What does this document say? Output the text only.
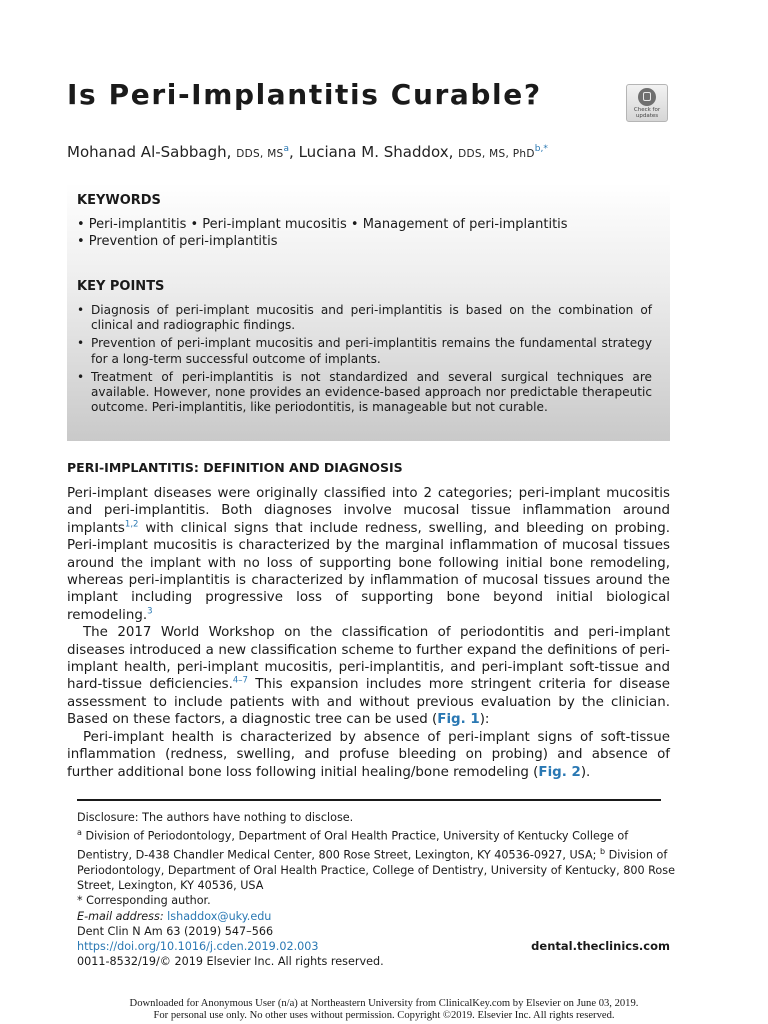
Is Peri-Implantitis Curable?	Check for updates
Mohanad Al-Sabbagh, DDS, $MS^a$, Luciana M. Shaddox, DDS, MS, PhD$^{b,*}$
KEYWORDS
• Peri-implantitis • Peri-implant mucositis • Management of peri-implantitis
• Prevention of peri-implantitis
KEY POINTS
• Diagnosis of peri-implant mucositis and peri-implantitis is based on the combination of clinical and radiographic findings.
• Prevention of peri-implant mucositis and peri-implantitis remains the fundamental strategy for a long-term successful outcome of implants.
• Treatment of peri-implantitis is not standardized and several surgical techniques are available. However, none provides an evidence-based approach nor predictable therapeutic outcome. Peri-implantitis, like periodontitis, is manageable but not curable.
PERI-IMPLANTITIS: DEFINITION AND DIAGNOSIS

Peri-implant diseases were originally classified into 2 categories; peri-implant mucositis and peri-implantitis. Both diagnoses involve mucosal tissue inflammation around implants$^{1,2}$ with clinical signs that include redness, swelling, and bleeding on probing. Peri-implant mucositis is characterized by the marginal inflammation of mucosal tissues around the implant with no loss of supporting bone following initial bone remodeling, whereas peri-implantitis is characterized by inflammation of mucosal tissues around the implant including progressive loss of supporting bone beyond initial biological remodeling.$^3$

The 2017 World Workshop on the classification of periodontitis and peri-implant diseases introduced a new classification scheme to further expand the definitions of peri-implant health, peri-implant mucositis, peri-implantitis, and peri-implant soft-tissue and hard-tissue deficiencies.$^{4-7}$ This expansion includes more stringent criteria for disease assessment to include patients with and without previous evaluation by the clinician. Based on these factors, a diagnostic tree can be used (Fig. 1):

Peri-implant health is characterized by absence of peri-implant signs of soft-tissue inflammation (redness, swelling, and profuse bleeding on probing) and absence of further additional bone loss following initial healing/bone remodeling (Fig. 2).

Disclosure: The authors have nothing to disclose.
$^a$ Division of Periodontology, Department of Oral Health Practice, University of Kentucky College of Dentistry, D-438 Chandler Medical Center, 800 Rose Street, Lexington, KY 40536-0927, USA; $^b$ Division of Periodontology, Department of Oral Health Practice, College of Dentistry, University of Kentucky, 800 Rose Street, Lexington, KY 40536, USA
* Corresponding author.
E-mail address: lshaddox@uky.edu
Dent Clin N Am 63 (2019) 547–566
https://doi.org/10.1016/j.cden.2019.02.003
0011-8532/19/© 2019 Elsevier Inc. All rights reserved.
dental.theclinics.com
Downloaded for Anonymous User (n/a) at Northeastern University from ClinicalKey.com by Elsevier on June 03, 2019.
For personal use only. No other uses without permission. Copyright ©2019. Elsevier Inc. All rights reserved.
